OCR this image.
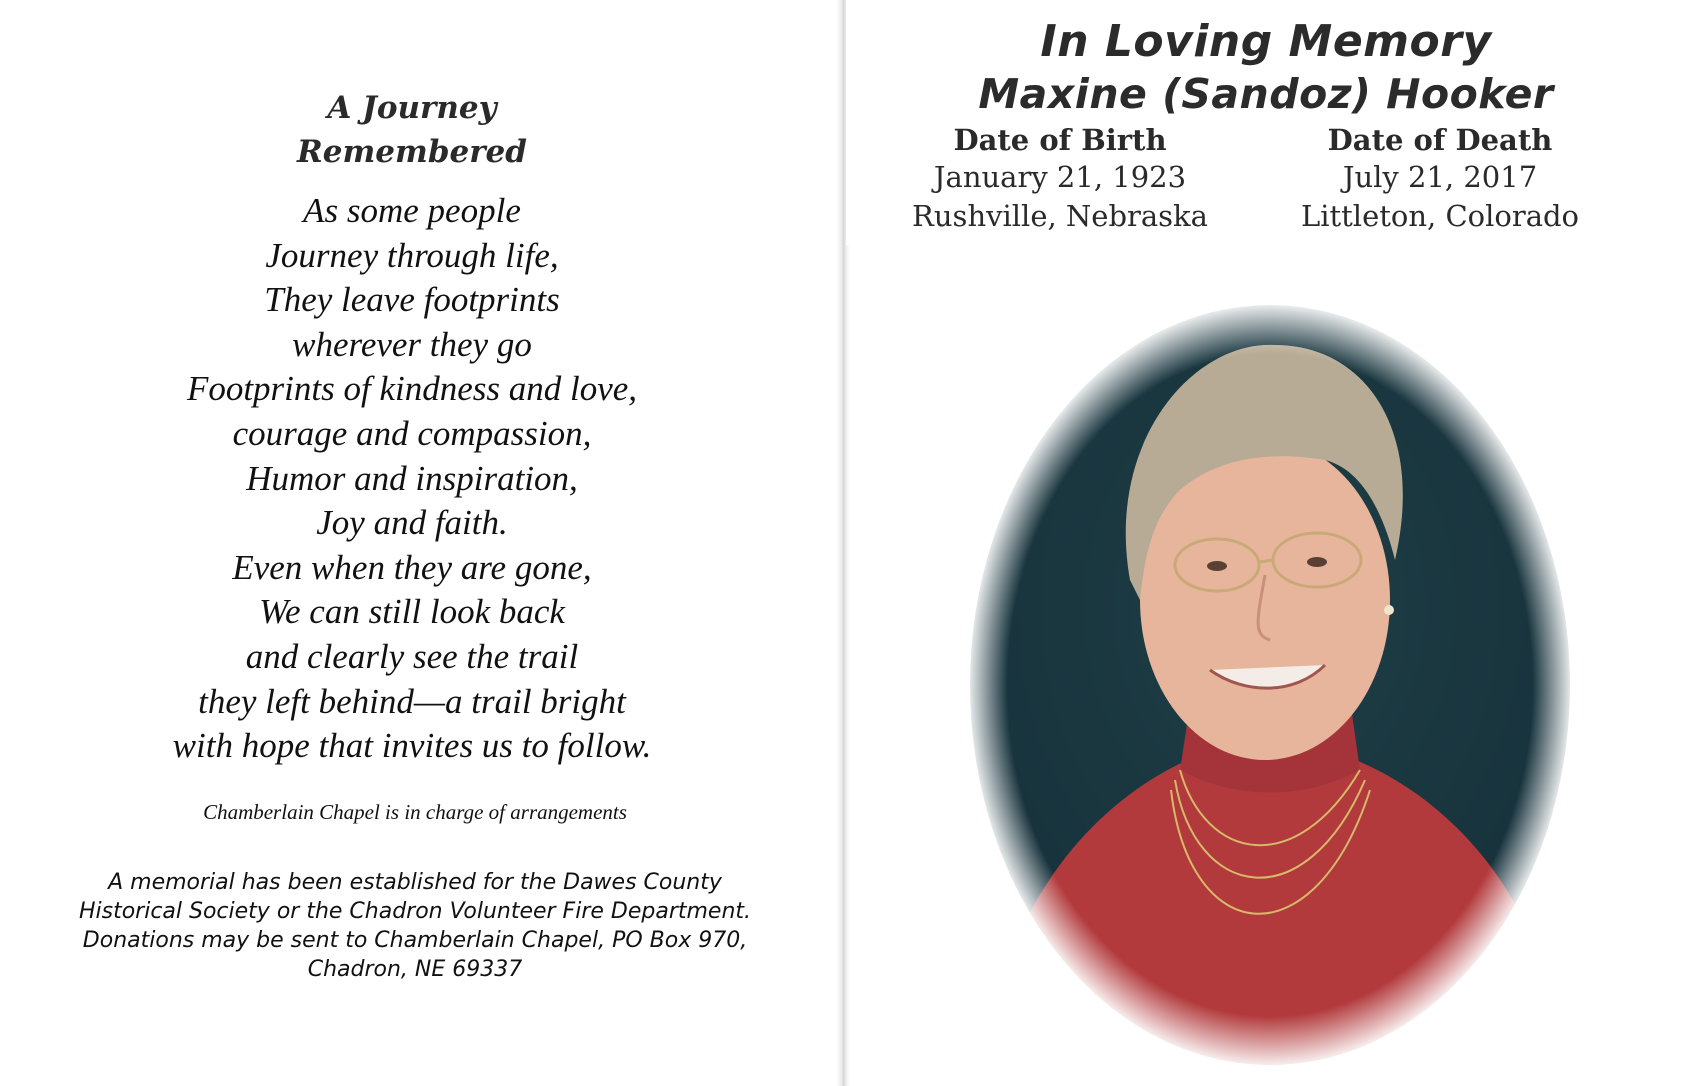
A Journey

Remembered

As some people
Journey through life,
They leave footprints
wherever they go
Footprints of kindness and love,
courage and compassion,
Humor and inspiration,
Joy and faith.
Even when they are gone,
We can still look back
and clearly see the trail
they left behind—a trail bright
with hope that invites us to follow.

Chamberlain Chapel is in charge of arrangements

A memorial has been established for the Dawes County
Historical Society or the Chadron Volunteer Fire Department.
Donations may be sent to Chamberlain Chapel, PO Box 970,
Chadron, NE 69337

In Loving Memory

Maxine (Sandoz) Hooker

Date of Birth

January 21, 1923

Rushville, Nebraska

Date of Death

July 21, 2017

Littleton, Colorado
